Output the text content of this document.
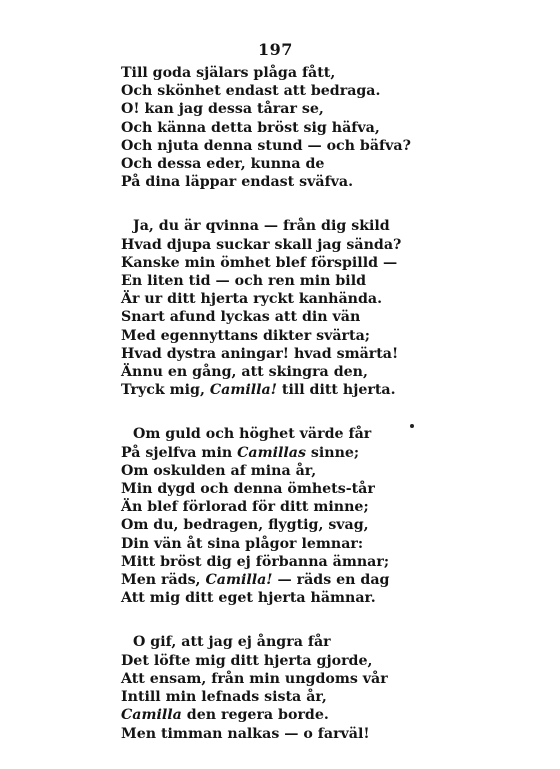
197
Till goda själars plåga fått,
Och skönhet endast att bedraga.
O! kan jag dessa tårar se,
Och känna detta bröst sig häfva,
Och njuta denna stund — och bäfva?
Och dessa eder, kunna de
På dina läppar endast sväfva.
Ja, du är qvinna — från dig skild
Hvad djupa suckar skall jag sända?
Kanske min ömhet blef förspilld —
En liten tid — och ren min bild
Är ur ditt hjerta ryckt kanhända.
Snart afund lyckas att din vän
Med egennyttans dikter svärta;
Hvad dystra aningar! hvad smärta!
Ännu en gång, att skingra den,
Tryck mig, Camilla! till ditt hjerta.
Om guld och höghet värde får
På sjelfva min Camillas sinne;
Om oskulden af mina år,
Min dygd och denna ömhets-tår
Än blef förlorad för ditt minne;
Om du, bedragen, flygtig, svag,
Din vän åt sina plågor lemnar:
Mitt bröst dig ej förbanna ämnar;
Men räds, Camilla! — räds en dag
Att mig ditt eget hjerta hämnar.
O gif, att jag ej ångra får
Det löfte mig ditt hjerta gjorde,
Att ensam, från min ungdoms vår
Intill min lefnads sista år,
Camilla den regera borde.
Men timman nalkas — o farväl!
